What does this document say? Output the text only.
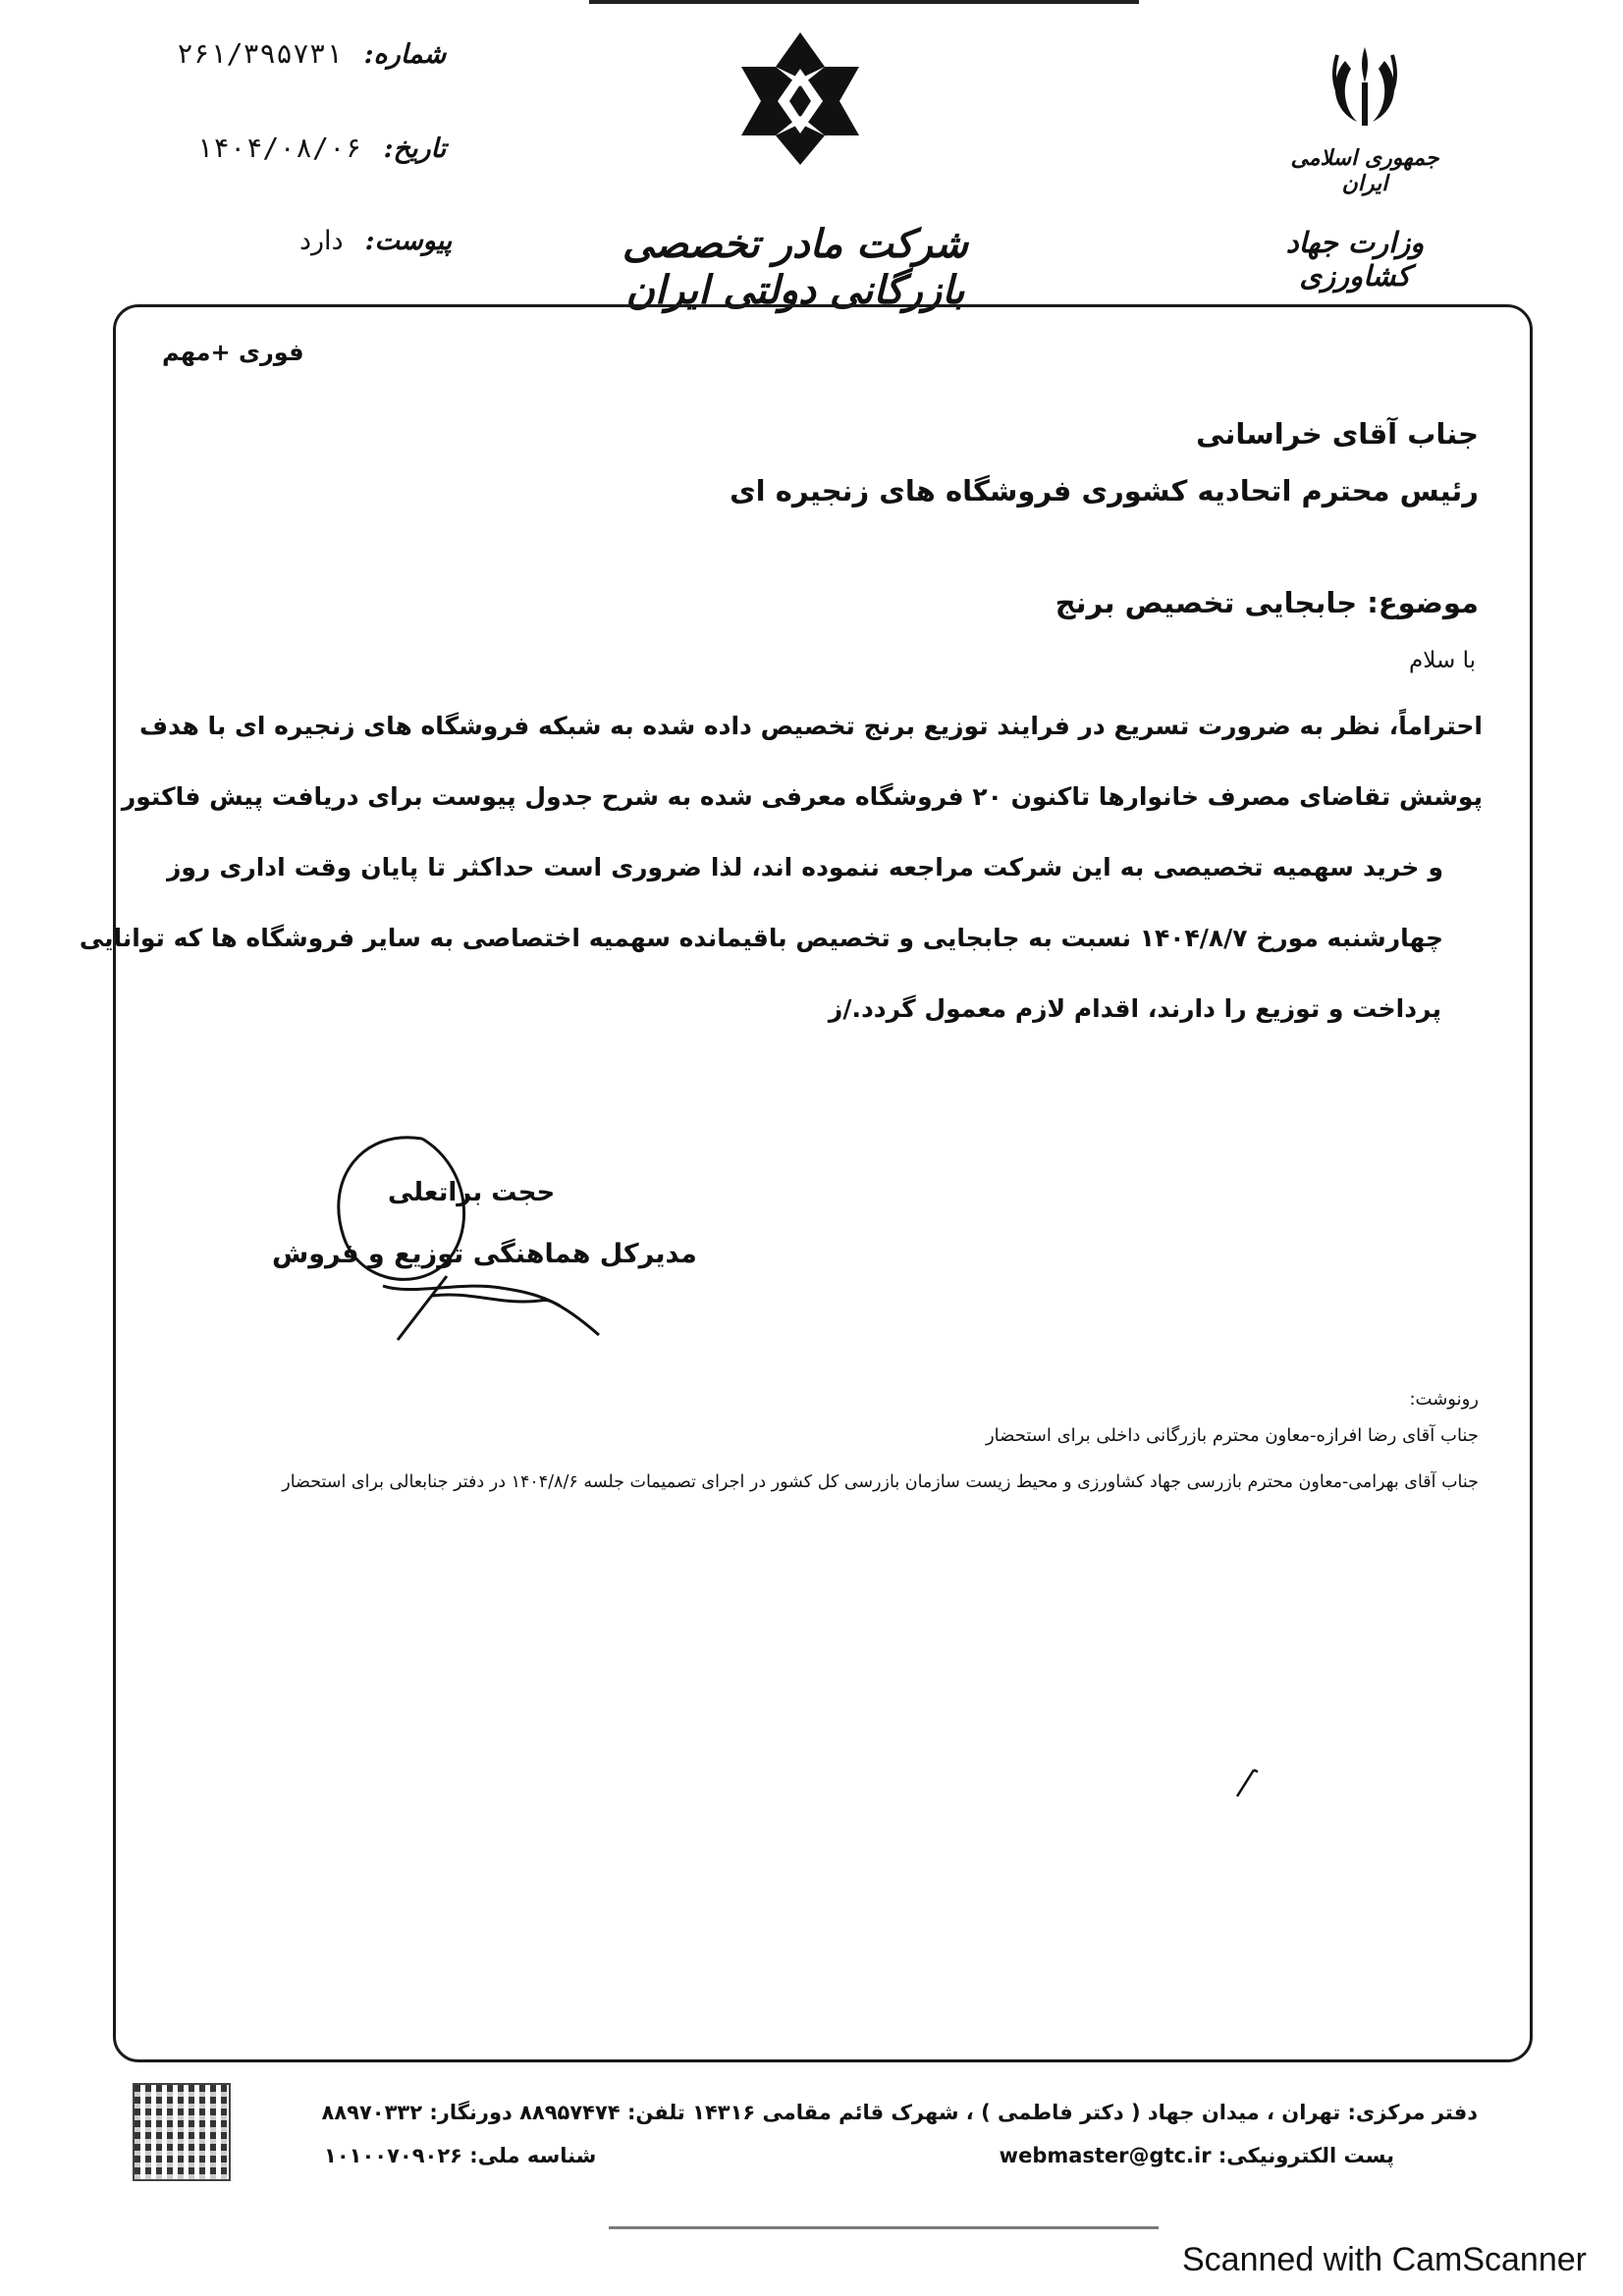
شماره:
۲۶۱/۳۹۵۷۳۱
تاریخ:
۱۴۰۴/۰۸/۰۶
پیوست:
دارد	شرکت مادر تخصصی بازرگانی دولتی ایران
جمهوری اسلامی ایران
وزارت جهاد کشاورزی
فوری +مهم
جناب آقای خراسانی
رئیس محترم اتحادیه کشوری فروشگاه های زنجیره ای
موضوع: جابجایی تخصیص برنج
با سلام
احتراماً، نظر به ضرورت تسریع در فرایند توزیع برنج تخصیص داده شده به شبکه فروشگاه های زنجیره ای با هدف
پوشش تقاضای مصرف خانوارها تاکنون ۲۰ فروشگاه معرفی شده به شرح جدول پیوست برای دریافت پیش فاکتور
و خرید سهمیه تخصیصی به این شرکت مراجعه ننموده اند، لذا ضروری است حداکثر تا پایان وقت اداری روز
چهارشنبه مورخ ۱۴۰۴/۸/۷ نسبت به جابجایی و تخصیص باقیمانده سهمیه اختصاصی به سایر فروشگاه ها که توانایی
پرداخت و توزیع را دارند، اقدام لازم معمول گردد./ز
حجت براتعلی
مدیرکل هماهنگی توزیع و فروش
رونوشت:
جناب آقای رضا افرازه-معاون محترم بازرگانی داخلی برای استحضار
جناب آقای بهرامی-معاون محترم بازرسی جهاد کشاورزی و محیط زیست سازمان بازرسی کل کشور در اجرای تصمیمات جلسه ۱۴۰۴/۸/۶ در دفتر جنابعالی برای استحضار
دفتر مرکزی: تهران ، میدان جهاد ( دکتر فاطمی ) ، شهرک قائم مقامی ۱۴۳۱۶ تلفن: ۸۸۹۵۷۴۷۴ دورنگار: ۸۸۹۷۰۳۳۲
پست الکترونیکی: webmaster@gtc.ir
شناسه ملی: ۱۰۱۰۰۷۰۹۰۲۶
Scanned with CamScanner
